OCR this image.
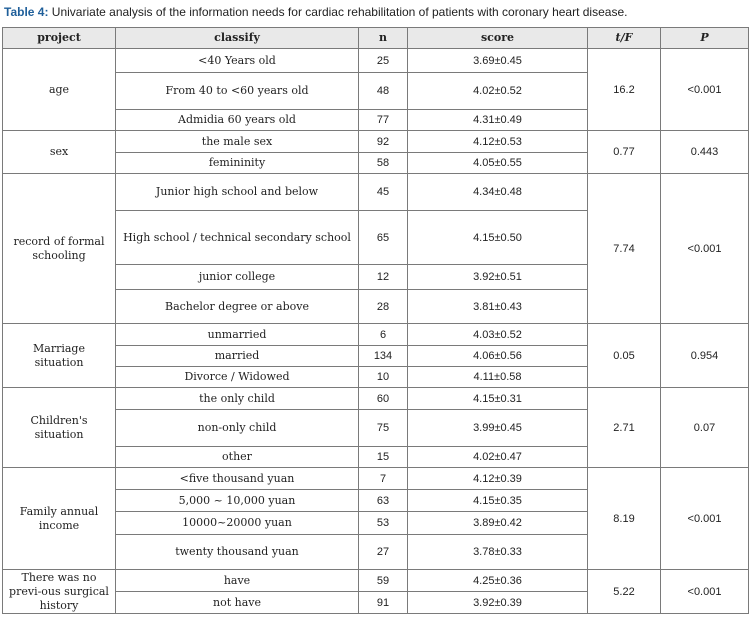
Table 4: Univariate analysis of the information needs for cardiac rehabilitation of patients with coronary heart disease.
project	classify	n	score	t/F	P
age	<40 Years old	25	3.69±0.45	16.2	<0.001
	From 40 to <60 years old	48	4.02±0.52		
	Admidia 60 years old	77	4.31±0.49		
sex	the male sex	92	4.12±0.53	0.77	0.443
	femininity	58	4.05±0.55		
record of formal schooling	Junior high school and below	45	4.34±0.48	7.74	<0.001
	High school / technical secondary school	65	4.15±0.50		
	junior college	12	3.92±0.51		
	Bachelor degree or above	28	3.81±0.43		
Marriage situation	unmarried	6	4.03±0.52	0.05	0.954
	married	134	4.06±0.56		
	Divorce / Widowed	10	4.11±0.58		
Children's situation	the only child	60	4.15±0.31	2.71	0.07
	non-only child	75	3.99±0.45		
	other	15	4.02±0.47		
Family annual income	<five thousand yuan	7	4.12±0.39	8.19	<0.001
	5,000 ~ 10,000 yuan	63	4.15±0.35		
	10000~20000 yuan	53	3.89±0.42		
	twenty thousand yuan	27	3.78±0.33		
There was no previ-ous surgical history	have	59	4.25±0.36	5.22	<0.001
	not have	91	3.92±0.39		
